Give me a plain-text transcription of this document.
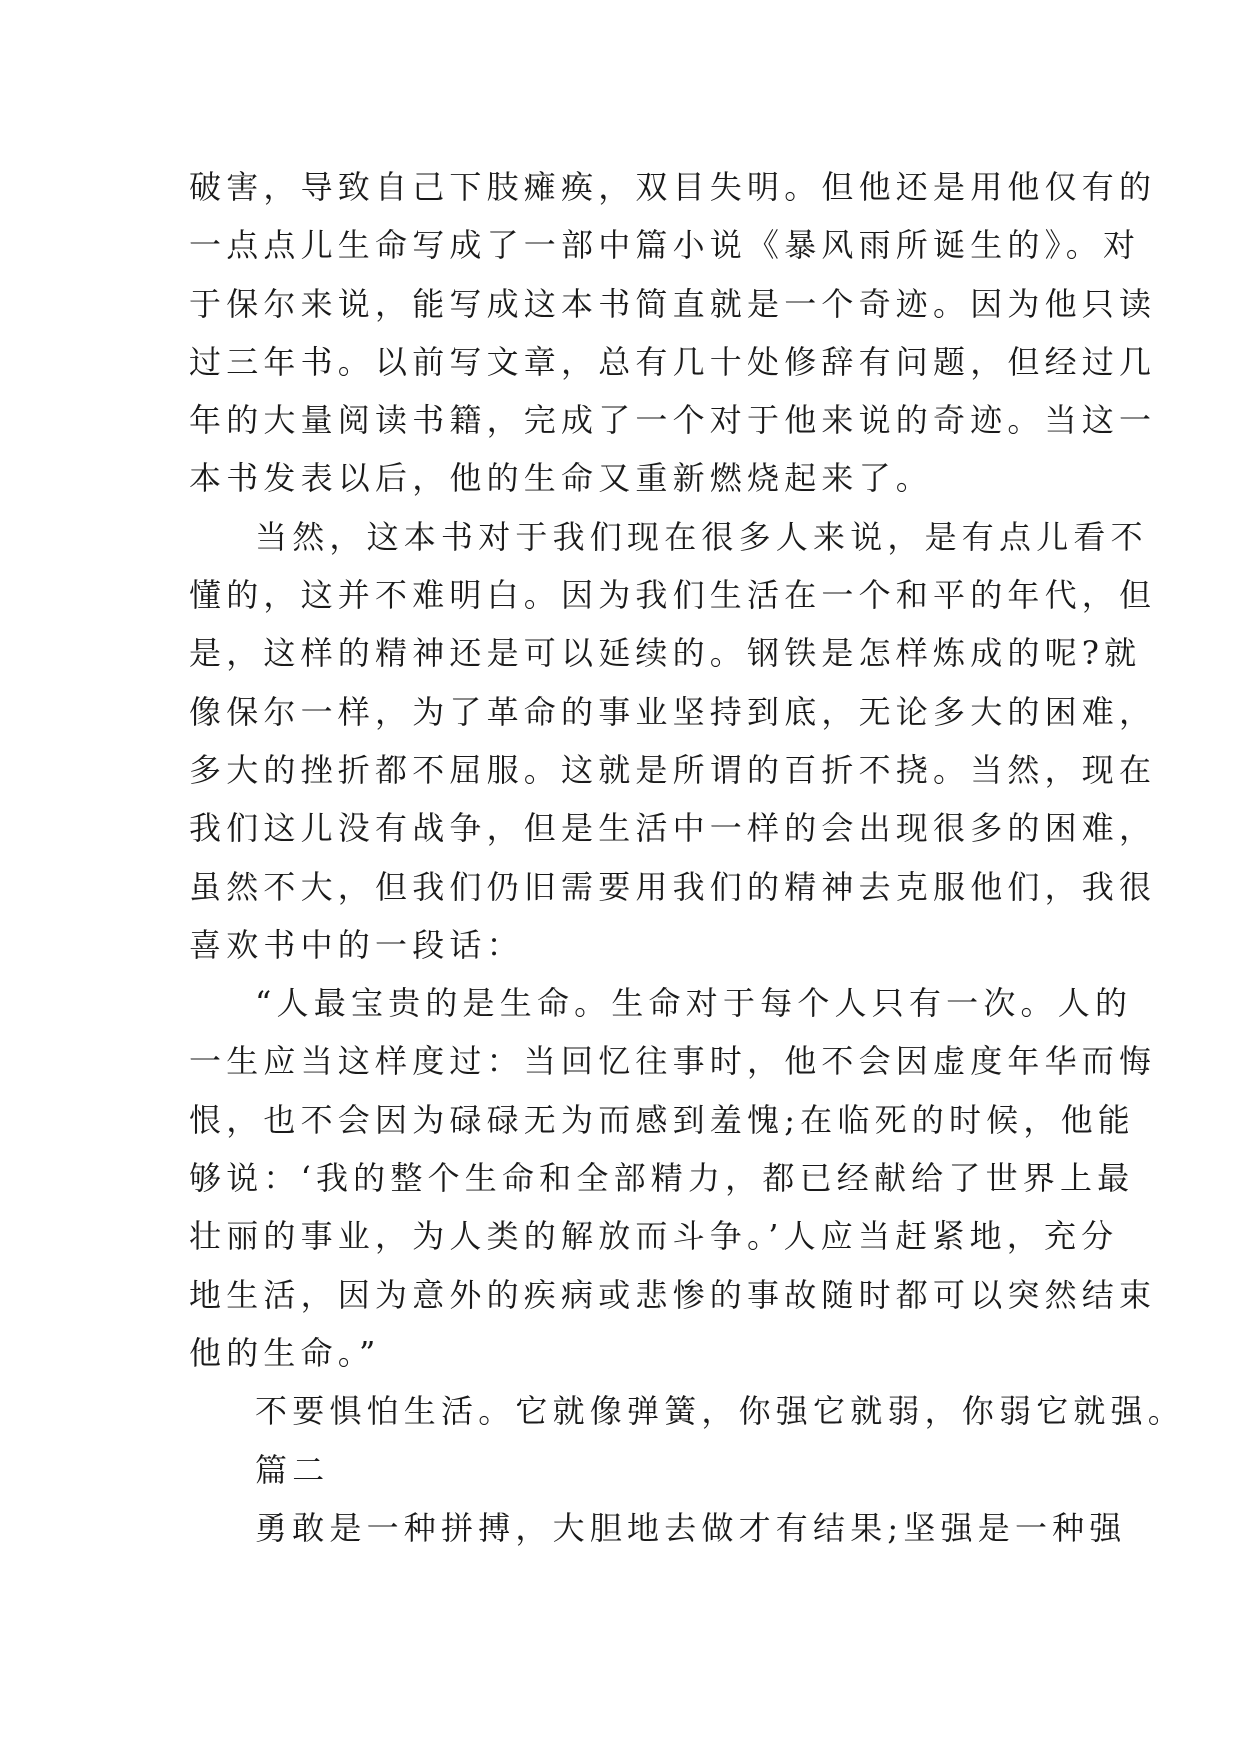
破害，导致自己下肢瘫痪，双目失明。但他还是用他仅有的
一点点儿生命写成了一部中篇小说《暴风雨所诞生的》。对
于保尔来说，能写成这本书简直就是一个奇迹。因为他只读
过三年书。以前写文章，总有几十处修辞有问题，但经过几
年的大量阅读书籍，完成了一个对于他来说的奇迹。当这一
本书发表以后，他的生命又重新燃烧起来了。
当然，这本书对于我们现在很多人来说，是有点儿看不
懂的，这并不难明白。因为我们生活在一个和平的年代，但
是，这样的精神还是可以延续的。钢铁是怎样炼成的呢?就
像保尔一样，为了革命的事业坚持到底，无论多大的困难，
多大的挫折都不屈服。这就是所谓的百折不挠。当然，现在
我们这儿没有战争，但是生活中一样的会出现很多的困难，
虽然不大，但我们仍旧需要用我们的精神去克服他们，我很
喜欢书中的一段话：
“人最宝贵的是生命。生命对于每个人只有一次。人的
一生应当这样度过：当回忆往事时，他不会因虚度年华而悔
恨，也不会因为碌碌无为而感到羞愧;在临死的时候，他能
够说：‘我的整个生命和全部精力，都已经献给了世界上最
壮丽的事业，为人类的解放而斗争。’人应当赶紧地，充分
地生活，因为意外的疾病或悲惨的事故随时都可以突然结束
他的生命。”
不要惧怕生活。它就像弹簧，你强它就弱，你弱它就强。
篇二
勇敢是一种拼搏，大胆地去做才有结果;坚强是一种强
